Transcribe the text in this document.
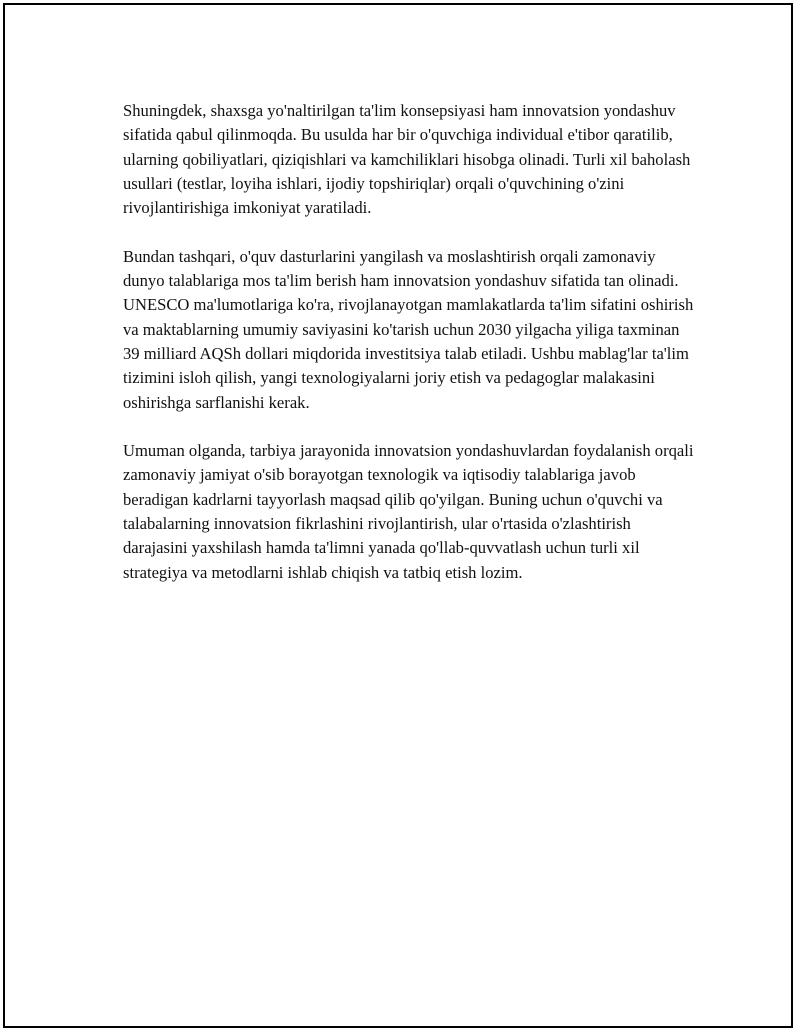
Shuningdek, shaxsga yo'naltirilgan ta'lim konsepsiyasi ham innovatsion yondashuv sifatida qabul qilinmoqda. Bu usulda har bir o'quvchiga individual e'tibor qaratilib, ularning qobiliyatlari, qiziqishlari va kamchiliklari hisobga olinadi. Turli xil baholash usullari (testlar, loyiha ishlari, ijodiy topshiriqlar) orqali o'quvchining o'zini rivojlantirishiga imkoniyat yaratiladi.

Bundan tashqari, o'quv dasturlarini yangilash va moslashtirish orqali zamonaviy dunyo talablariga mos ta'lim berish ham innovatsion yondashuv sifatida tan olinadi. UNESCO ma'lumotlariga ko'ra, rivojlanayotgan mamlakatlarda ta'lim sifatini oshirish va maktablarning umumiy saviyasini ko'tarish uchun 2030 yilgacha yiliga taxminan 39 milliard AQSh dollari miqdorida investitsiya talab etiladi. Ushbu mablag'lar ta'lim tizimini isloh qilish, yangi texnologiyalarni joriy etish va pedagoglar malakasini oshirishga sarflanishi kerak.

Umuman olganda, tarbiya jarayonida innovatsion yondashuvlardan foydalanish orqali zamonaviy jamiyat o'sib borayotgan texnologik va iqtisodiy talablariga javob beradigan kadrlarni tayyorlash maqsad qilib qo'yilgan. Buning uchun o'quvchi va talabalarning innovatsion fikrlashini rivojlantirish, ular o'rtasida o'zlashtirish darajasini yaxshilash hamda ta'limni yanada qo'llab-quvvatlash uchun turli xil strategiya va metodlarni ishlab chiqish va tatbiq etish lozim.
